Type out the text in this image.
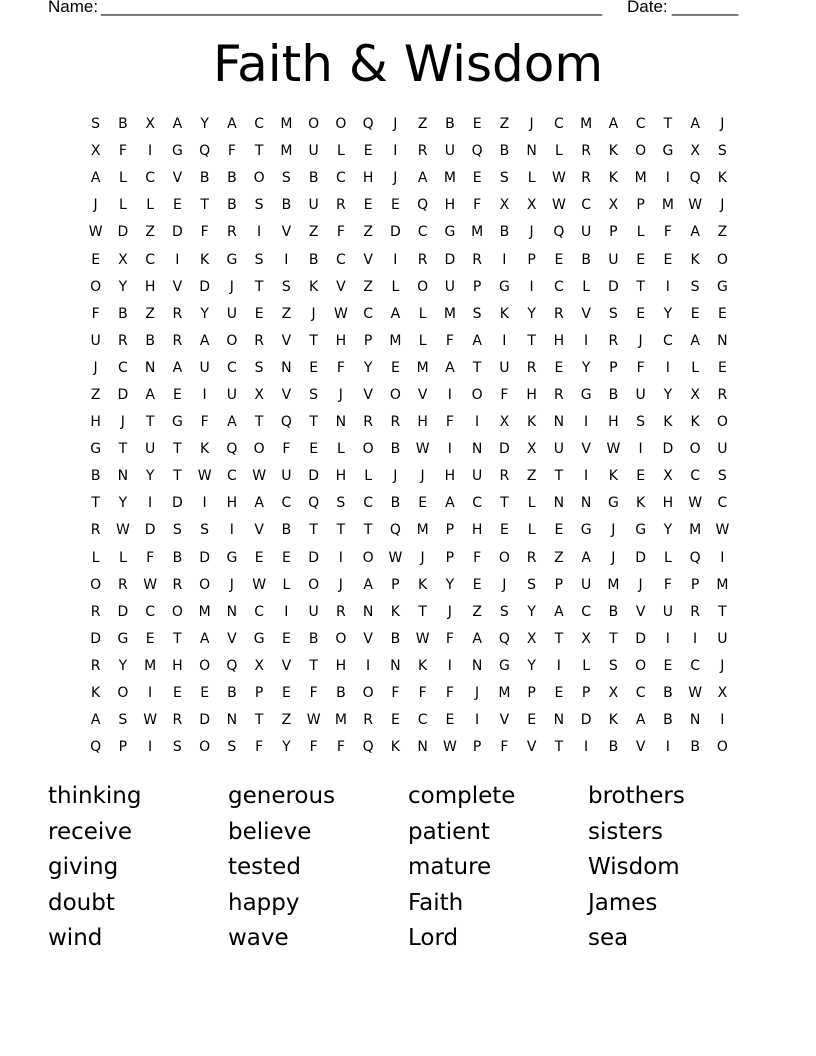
Name: _____________________________________________________ Date: _______
Faith & Wisdom
S	B	X	A	Y	A	C	M	O	O	Q	J	Z	B	E	Z	J	C	M	A	C	T	A	J
X	F	I	G	Q	F	T	M	U	L	E	I	R	U	Q	B	N	L	R	K	O	G	X	S
A	L	C	V	B	B	O	S	B	C	H	J	A	M	E	S	L	W	R	K	M	I	Q	K
J	L	L	E	T	B	S	B	U	R	E	E	Q	H	F	X	X	W	C	X	P	M	W	J
W	D	Z	D	F	R	I	V	Z	F	Z	D	C	G	M	B	J	Q	U	P	L	F	A	Z
E	X	C	I	K	G	S	I	B	C	V	I	R	D	R	I	P	E	B	U	E	E	K	O
O	Y	H	V	D	J	T	S	K	V	Z	L	O	U	P	G	I	C	L	D	T	I	S	G
F	B	Z	R	Y	U	E	Z	J	W	C	A	L	M	S	K	Y	R	V	S	E	Y	E	E
U	R	B	R	A	O	R	V	T	H	P	M	L	F	A	I	T	H	I	R	J	C	A	N
J	C	N	A	U	C	S	N	E	F	Y	E	M	A	T	U	R	E	Y	P	F	I	L	E
Z	D	A	E	I	U	X	V	S	J	V	O	V	I	O	F	H	R	G	B	U	Y	X	R
H	J	T	G	F	A	T	Q	T	N	R	R	H	F	I	X	K	N	I	H	S	K	K	O
G	T	U	T	K	Q	O	F	E	L	O	B	W	I	N	D	X	U	V	W	I	D	O	U
B	N	Y	T	W	C	W	U	D	H	L	J	J	H	U	R	Z	T	I	K	E	X	C	S
T	Y	I	D	I	H	A	C	Q	S	C	B	E	A	C	T	L	N	N	G	K	H	W	C
R	W	D	S	S	I	V	B	T	T	T	Q	M	P	H	E	L	E	G	J	G	Y	M	W
L	L	F	B	D	G	E	E	D	I	O	W	J	P	F	O	R	Z	A	J	D	L	Q	I
O	R	W	R	O	J	W	L	O	J	A	P	K	Y	E	J	S	P	U	M	J	F	P	M
R	D	C	O	M	N	C	I	U	R	N	K	T	J	Z	S	Y	A	C	B	V	U	R	T
D	G	E	T	A	V	G	E	B	O	V	B	W	F	A	Q	X	T	X	T	D	I	I	U
R	Y	M	H	O	Q	X	V	T	H	I	N	K	I	N	G	Y	I	L	S	O	E	C	J
K	O	I	E	E	B	P	E	F	B	O	F	F	F	J	M	P	E	P	X	C	B	W	X
A	S	W	R	D	N	T	Z	W	M	R	E	C	E	I	V	E	N	D	K	A	B	N	I
Q	P	I	S	O	S	F	Y	F	F	Q	K	N	W	P	F	V	T	I	B	V	I	B	O
thinking	generous	complete	brothers
receive	believe	patient	sisters
giving	tested	mature	Wisdom
doubt	happy	Faith	James
wind	wave	Lord	sea
